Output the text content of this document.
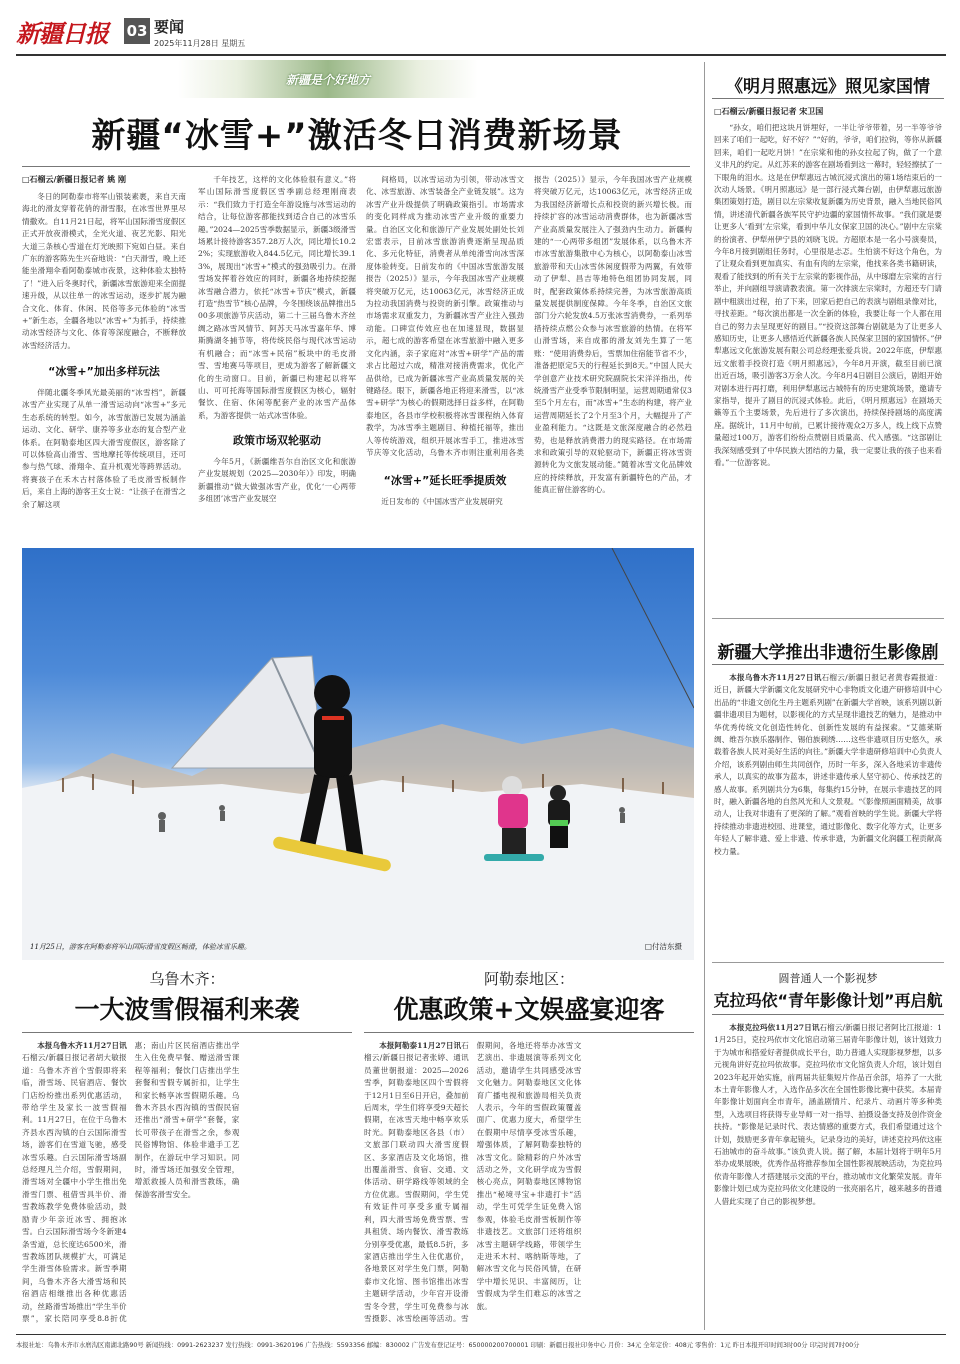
新疆日报 03 要闻
2025年11月28日 星期五
新疆是个好地方
新疆“冰雪+”激活冬日消费新场景
□石榴云/新疆日报记者 姚 刚
冬日的阿勒泰市将军山银装素裹，来自天南海北的滑友穿着花俏的滑雪服，在冰雪世界里尽情撒欢。自11月21日起，将军山国际滑雪度假区正式开放夜滑模式，全光火道、夜艺光影、阳光大道三条核心雪道在灯光映照下宛如白昼。来自广东的游客陈先生兴奋地说：“白天滑雪，晚上还能坐滑翔伞看阿勒泰城市夜景，这种体验太独特了！”进入后冬奥时代，新疆冰雪旅游迎来全面提速升级，从以往单一的冰雪运动，逐步扩展为融合文化、体育、休闲、民俗等多元体验的“冰雪+”新生态，全疆各地以“冰雪+”为抓手，持续推动冰雪经济与文化、体育等深度融合，不断释放冰雪经济活力。
“冰雪+”加出多样玩法
伴随北疆冬季风光最美丽的“冰雪档”，新疆冰雪产业实现了从单一滑雪运动向“冰雪+”多元生态系统的转型。如今，冰雪旅游已发展为涵盖运动、文化、研学、康养等多业态的复合型产业体系。在阿勒泰地区四大滑雪度假区，游客除了可以体验高山滑雪、雪地摩托等传统项目，还可参与热气球、滑翔伞、直升机观光等跨界活动。将赛孩子在禾木古村落体验了毛皮滑雪板制作后，来自上海的游客王女士说：“让孩子在滑雪之余了解这项
千年技艺，这样的文化体验很有意义。”将军山国际滑雪度假区雪季副总经理刚商表示：“我们致力于打造全年游设施与冰雪运动的结合，让每位游客都能找到适合自己的冰雪乐趣。”2024—2025雪季数据显示，新疆3级滑雪场累计接待游客357.28万人次，同比增长10.22%；实现旅游收入844.5亿元，同比增长39.13%，展现出“冰雪+”模式的强劲吸引力。在滑雪场发挥着谷效应的同时，新疆各地持续挖掘冰雪融合潜力，依托“冰雪+节庆”模式，新疆打造“热雪节”核心品牌，今冬围绕该品牌推出500多项旅游节庆活动，第二十三届乌鲁木齐丝绸之路冰雪风情节、阿苏天马冰雪嘉年华、博斯腾湖冬捕节等，将传统民俗与现代冰雪运动有机融合；而“冰雪+民宿”板块中的毛皮滑雪、雪地赛马等项目，更成为游客了解新疆文化的生动窗口。目前，新疆已构建起以将军山、可可托海等国际滑雪度假区为核心，辐射餐饮、住宿、休闲等配套产业的冰雪产品体系，为游客提供一站式冰雪体验。
政策市场双轮驱动
今年5月，《新疆维吾尔自治区文化和旅游产业发展规划（2025—2030年）》印发，明确新疆推动“做大做强冰雪产业，优化‘一心两带多组团’冰雪产业发展空
间格局，以冰雪运动为引领，带动冰雪文化、冰雪旅游、冰雪装备全产业链发展”。这为冰雪产业升级提供了明确政策指引。市场需求的变化同样成为推动冰雪产业升级的重要力量。自治区文化和旅游厅产业发展处副处长刘宏雷表示，目前冰雪旅游消费逐渐呈现品质化、多元化特征，消费者从单纯滑雪向冰雪深度体验转变。日前发布的《中国冰雪旅游发展报告（2025）》显示，今年我国冰雪产业规模将突破万亿元，达10063亿元，冰雪经济正成为拉动我国消费与投资的新引擎。政策推动与市场需求双重发力，为新疆冰雪产业注入强劲动能。口碑宣传效应也在加速显现，数据显示，超七成的游客希望在冰雪旅游中融入更多文化内涵，亲子家庭对“冰雪+研学”产品的需求占比超过六成，精准对接消费需求，优化产品供给，已成为新疆冰雪产业高质量发展的关键路径。眼下，新疆各地正将迎来滑雪，以“冰雪+研学”为核心的假期选择日益多样，在阿勒泰地区，各县市学校积极将冰雪课程纳入体育教学，为冰雪季主题剧目、种植托福等，推出人等传统游戏，组织开展冰雪手工，推进冰雪节庆等文化活动，乌鲁木齐市则注重利用各类
“冰雪+”延长旺季提质效
近日发布的《中国冰雪产业发展研究
报告（2025）》显示，今年我国冰雪产业规模将突破万亿元，达10063亿元，冰雪经济正成为我国经济新增长点和投资的新兴增长极。而持续扩容的冰雪运动消费群体，也为新疆冰雪产业高质量发展注入了强劲内生动力。新疆构建的“一心两带多组团”发展体系，以乌鲁木齐市冰雪旅游集散中心为核心，以阿勒泰山冰雪旅游带和天山冰雪休闲度假带为两翼，有效带动了伊犁、昌吉等地特色组团协同发展，同时，配套政策体系持续完善，为冰雪旅游高质量发展提供制度保障。今年冬季，自治区文旅部门分六轮发放4.5万张冰雪消费券，一系列举措持续点燃公众参与冰雪旅游的热情。在将军山滑雪场，来自成都的滑友刘先生算了一笔账：“使用消费券后，雪票加住宿能节省不少，准备把原定5天的行程延长到8天。”中国人民大学创意产业技术研究院副院长宋洋洋指出，传统滑雪产业受季节限制明显，运营周期通常仅3至5个月左右，而“冰雪+”生态的构建，将产业运营周期延长了2个月至3个月，大幅提升了产业盈利能力。“这既是文旅深度融合的必然趋势，也是释放消费潜力的现实路径。在市场需求和政策引导的双轮驱动下，新疆正将冰雪资源转化为文旅发展动能。”随着冰雪文化品牌效应的持续释放，开发富有新疆特色的产品，才能真正留住游客的心。
11月25日，游客在阿勒泰将军山国际滑雪度假区畅滑，体验冰雪乐趣。	□付洁东摄
乌鲁木齐：
一大波雪假福利来袭
本报乌鲁木齐11月27日讯石榴云/新疆日报记者胡大敏报道：乌鲁木齐首个雪假即将来临，滑雪场、民宿酒店、餐饮门店纷纷推出系列优惠活动，带给学生及家长一波雪假福利。11月27日，在位于乌鲁木齐县水西沟镇的白云国际滑雪场，游客们在雪道飞驰，感受冰雪乐趣。白云国际滑雪场副总经理凡兰介绍，雪假期间，滑雪场对全疆中小学生推出免滑雪门票、租借雪具半价、滑雪教练教学免费体验活动，鼓励青少年亲近冰雪、拥抱冰雪。白云国际滑雪场今冬新建4条雪道，总长度达6500米，滑雪教练团队规模扩大，可满足学生滑雪体验需求。新雪季期间，乌鲁木齐各大滑雪场和民宿酒店相继推出各种优惠活动，丝路滑雪场推出“学生半价票”，家长陪同享受8.8折优惠；南山片区民宿酒店推出学生入住免费早餐、赠送滑雪课程等福利；餐饮门店推出学生套餐和雪假专属折扣，让学生和家长畅享冰雪假期乐趣。乌鲁木齐县水西沟镇的雪假民宿还推出“滑雪+研学”套餐，家长可带孩子在滑雪之余，参观民俗博物馆、体验非遗手工艺制作，在游玩中学习知识。同时，滑雪场还加强安全管理，增派救援人员和滑雪教练，确保游客滑雪安全。
阿勒泰地区：
优惠政策+文娱盛宴迎客
本报阿勒泰11月27日讯石榴云/新疆日报记者张婷、通讯员董世朝报道：2025—2026雪季，阿勒泰地区四个雪假将于12月1日至6日开启，叠加前后周末，学生们将享受9天超长假期，在冰雪天地中畅享欢乐时光。阿勒泰地区各县（市）文旅部门联动四大滑雪度假区、多家酒店及文化场馆，推出覆盖滑雪、食宿、交通、文体活动、研学路线等领域的全方位优惠。雪假期间，学生凭有效证件可享受多重专属福利，四大滑雪场免费雪票、雪具租赁、场内餐饮、滑雪教练分别享受优惠，最低8.5折，多家酒店推出学生入住优惠价，各地景区对学生免门票，阿勒泰市文化馆、图书馆推出冰雪主题研学活动，少年宫开设滑雪冬令营，学生可免费参与冰雪摄影、冰雪绘画等活动。雪假期间，各地还将举办冰雪文艺演出、非遗展演等系列文化活动，邀请学生共同感受冰雪文化魅力。阿勒泰地区文化体育广播电视和旅游局相关负责人表示，今年的雪假政策覆盖面广、优惠力度大，希望学生在假期中尽情享受冰雪乐趣，增强体质，了解阿勒泰独特的冰雪文化。除精彩的户外冰雪活动之外，文化研学成为雪假核心亮点，阿勒泰地区博物馆推出“秘境寻宝+非遗打卡”活动，学生可凭学生证免费入馆参观，体验毛皮滑雪板制作等非遗技艺。文旅部门还将组织冰雪主题研学线路，带领学生走进禾木村、喀纳斯等地，了解冰雪文化与民俗风情，在研学中增长见识、丰富阅历，让雪假成为学生们难忘的冰雪之旅。
《明月照惠远》照见家国情
□石榴云/新疆日报记者 宋卫国
“孙女，咱们把这块月饼埋好，一半让爷爷带着，另一半等爷爷回来了咱们一起吃，好不好？”“好的，爷爷，咱们拉钩，等你从新疆回来，咱们一起吃月饼！”在宗棠和他的孙女拉起了钩，做了一个意义非凡的约定。从红苏来的游客在剧场看到这一幕时，轻轻擦拭了一下眼角的泪水。这是在伊犁惠远古城沉浸式演出的第1场结束后的一次动人场景。《明月照惠远》是一部行浸式舞台剧，由伊犁惠远旅游集团策划打造，剧目以左宗棠收复新疆为历史背景，融入当地民俗风情，讲述清代新疆各族军民守护边疆的家国情怀故事。“我们就是要让更多人‘看到’左宗棠，看到中华儿女保家卫国的决心。”剧中左宗棠的扮演者、伊犁州伊宁县的刘晓飞说。方超原本是一名小号演奏员，今年8月接到剧组任务时，心里很是忐忑。生怕演不好这个角色，为了让观众看到更加真实、有血有肉的左宗棠，他找来各类书籍研读，观看了能找到的所有关于左宗棠的影视作品，从中琢磨左宗棠的言行举止，并向剧组导演请教表演。第一次排演左宗棠时，方超还专门请剧中粗演出过程，拍了下来，回家后把自己的表演与剧组录像对比，寻找差距。“每次演出都是一次全新的体验，我要让每一个人都在用自己的努力去呈现更好的剧目。”“投资这部舞台剧就是为了让更多人感知历史，让更多人感悟近代新疆各族人民保家卫国的家国情怀。”伊犁惠远文化旅游发展有限公司总经理张爱兵说。2022年底，伊犁惠远文旅着手投资打造《明月照惠远》，今年8月开演，截至目前已演出近百场，吸引游客3万余人次。今年8月4日剧目公演后，剧组开始对剧本进行再打磨，利用伊犁惠远古城特有的历史建筑场景，邀请专家指导，提升了剧目的沉浸式体验。此后，《明月照惠远》在剧场天籁等五个主要场景，先后进行了多次演出，持续保持剧场的高度满座。据统计，11月中旬前，已累计接待观众2万多人，线上线下点赞量超过100万，游客们纷纷点赞剧目质量高、代入感强。“这部剧让我深刻感受到了中华民族大团结的力量，我一定要让我的孩子也来看看。”一位游客说。
新疆大学推出非遗衍生影像剧
本报乌鲁木齐11月27日讯石榴云/新疆日报记者黄春霞报道：近日，新疆大学新疆文化发展研究中心非物质文化遗产研修培训中心出品的“非遗文创化生丹主题系列剧”在新疆大学首映，该系列剧以新疆非遗项目为题材，以影视化的方式呈现非遗技艺的魅力，是推动中华优秀传统文化创造性转化、创新性发展的有益探索。“艾德莱斯绸、维吾尔族乐器制作、锡伯族刺绣……这些非遗项目历史悠久，承载着各族人民对美好生活的向往。”新疆大学非遗研修培训中心负责人介绍，该系列剧由师生共同创作，历时一年多，深入各地采访非遗传承人，以真实的故事为蓝本，讲述非遗传承人坚守初心、传承技艺的感人故事。系列剧共分为6集，每集约15分钟，在展示非遗技艺的同时，融入新疆各地的自然风光和人文景观。“《影像照画面精美，故事动人，让我对非遗有了更深的了解。”观看首映的学生说。新疆大学将持续推动非遗进校园、进课堂，通过影像化、数字化等方式，让更多年轻人了解非遗、爱上非遗、传承非遗，为新疆文化润疆工程贡献高校力量。
圆普通人一个影视梦
克拉玛依“青年影像计划”再启航
本报克拉玛依11月27日讯石榴云/新疆日报记者阿比江报道：11月25日，克拉玛依市文化馆启动第三届青年影像计划，该计划致力于为城市和搭爱好者提供成长平台，助力普通人实现影视梦想，以多元视角讲好克拉玛依故事。克拉玛依市文化馆负责人介绍，该计划自2023年起开始实施，前两届共征集短片作品百余部，培养了一大批本土青年影像人才，入选作品多次在全国性影像比赛中获奖。本届青年影像计划面向全市青年，涵盖剧情片、纪录片、动画片等多种类型，入选项目将获得专业导师一对一指导、拍摄设备支持及创作资金扶持。“影像是记录时代、表达情感的重要方式，我们希望通过这个计划，鼓励更多青年拿起镜头，记录身边的美好，讲述克拉玛依这座石油城市的奋斗故事。”该负责人说。据了解，本届计划将于明年5月举办成果展映，优秀作品将推荐参加全国性影视展映活动，为克拉玛依青年影像人才搭建展示交流的平台，推动城市文化繁荣发展。青年影像计划已成为克拉玛依文化建设的一张亮丽名片，越来越多的普通人借此实现了自己的影视梦想。
本报社址：乌鲁木齐市水磨沟区南湖北路90号 新闻热线：0991-2623237 发行热线：0991-3620196 广告热线：5593356 邮编：830002 广告发布登记证号：650000200700001 印刷：新疆日报社印务中心 月价：34元 全年定价：408元 零售价：1元 昨日本报开印时间3时00分 印完时间7时00分
